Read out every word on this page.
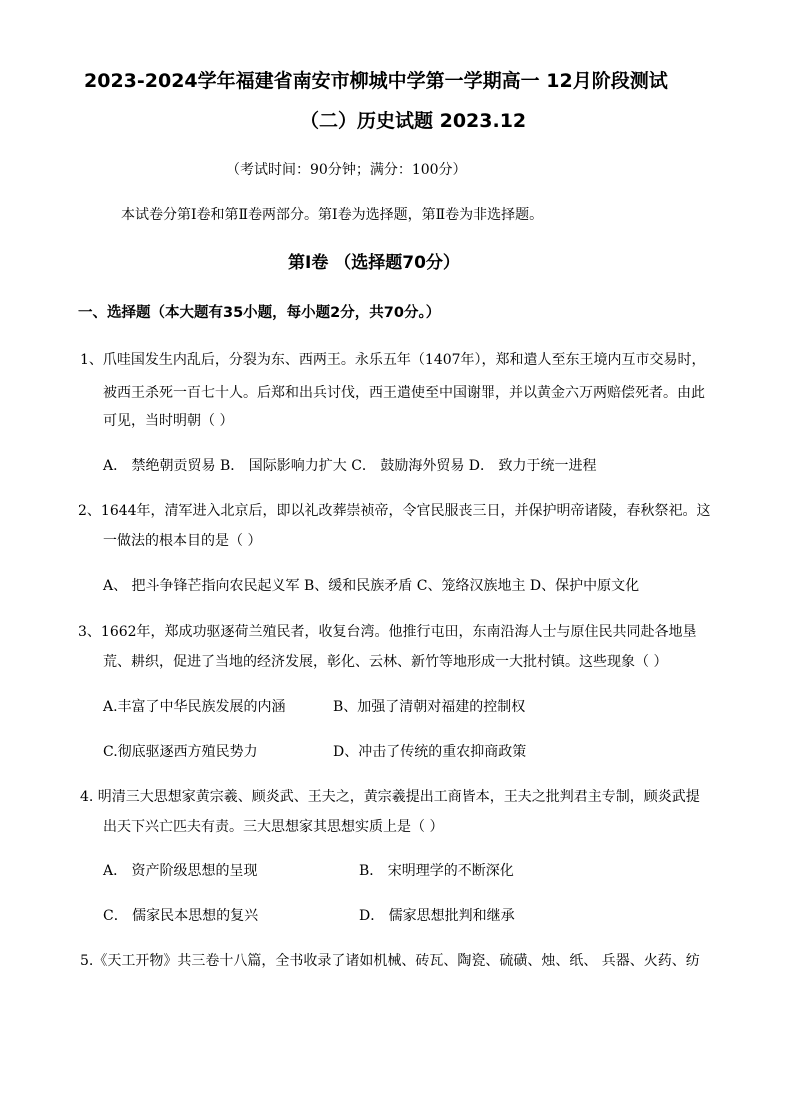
2023-2024学年福建省南安市柳城中学第一学期高一 12月阶段测试
（二）历史试题 2023.12
（考试时间：90分钟；满分：100分）
本试卷分第Ⅰ卷和第Ⅱ卷两部分。第Ⅰ卷为选择题，第Ⅱ卷为非选择题。
第Ⅰ卷 （选择题70分）
一、选择题（本大题有35小题，每小题2分，共70分。）
1、爪哇国发生内乱后，分裂为东、西两王。永乐五年（1407年），郑和遣人至东王境内互市交易时，
被西王杀死一百七十人。后郑和出兵讨伐，西王遣使至中国谢罪，并以黄金六万两赔偿死者。由此
可见，当时明朝（ ）
A． 禁绝朝贡贸易 B． 国际影响力扩大 C． 鼓励海外贸易 D． 致力于统一进程
2、1644年，清军进入北京后，即以礼改葬崇祯帝，令官民服丧三日，并保护明帝诸陵，春秋祭祀。这
一做法的根本目的是（ ）
A、 把斗争锋芒指向农民起义军 B、缓和民族矛盾 C、笼络汉族地主 D、保护中原文化
3、1662年，郑成功驱逐荷兰殖民者，收复台湾。他推行屯田，东南沿海人士与原住民共同赴各地垦
荒、耕织，促进了当地的经济发展，彰化、云林、新竹等地形成一大批村镇。这些现象（ ）
A.丰富了中华民族发展的内涵	B、加强了清朝对福建的控制权
C.彻底驱逐西方殖民势力	D、冲击了传统的重农抑商政策
4. 明清三大思想家黄宗羲、顾炎武、王夫之，黄宗羲提出工商皆本，王夫之批判君主专制，顾炎武提
出天下兴亡匹夫有责。三大思想家其思想实质上是（ ）
A． 资产阶级思想的呈现	B． 宋明理学的不断深化
C． 儒家民本思想的复兴	D． 儒家思想批判和继承
5.《天工开物》共三卷十八篇，全书收录了诸如机械、砖瓦、陶瓷、硫磺、烛、纸、 兵器、火药、纺
